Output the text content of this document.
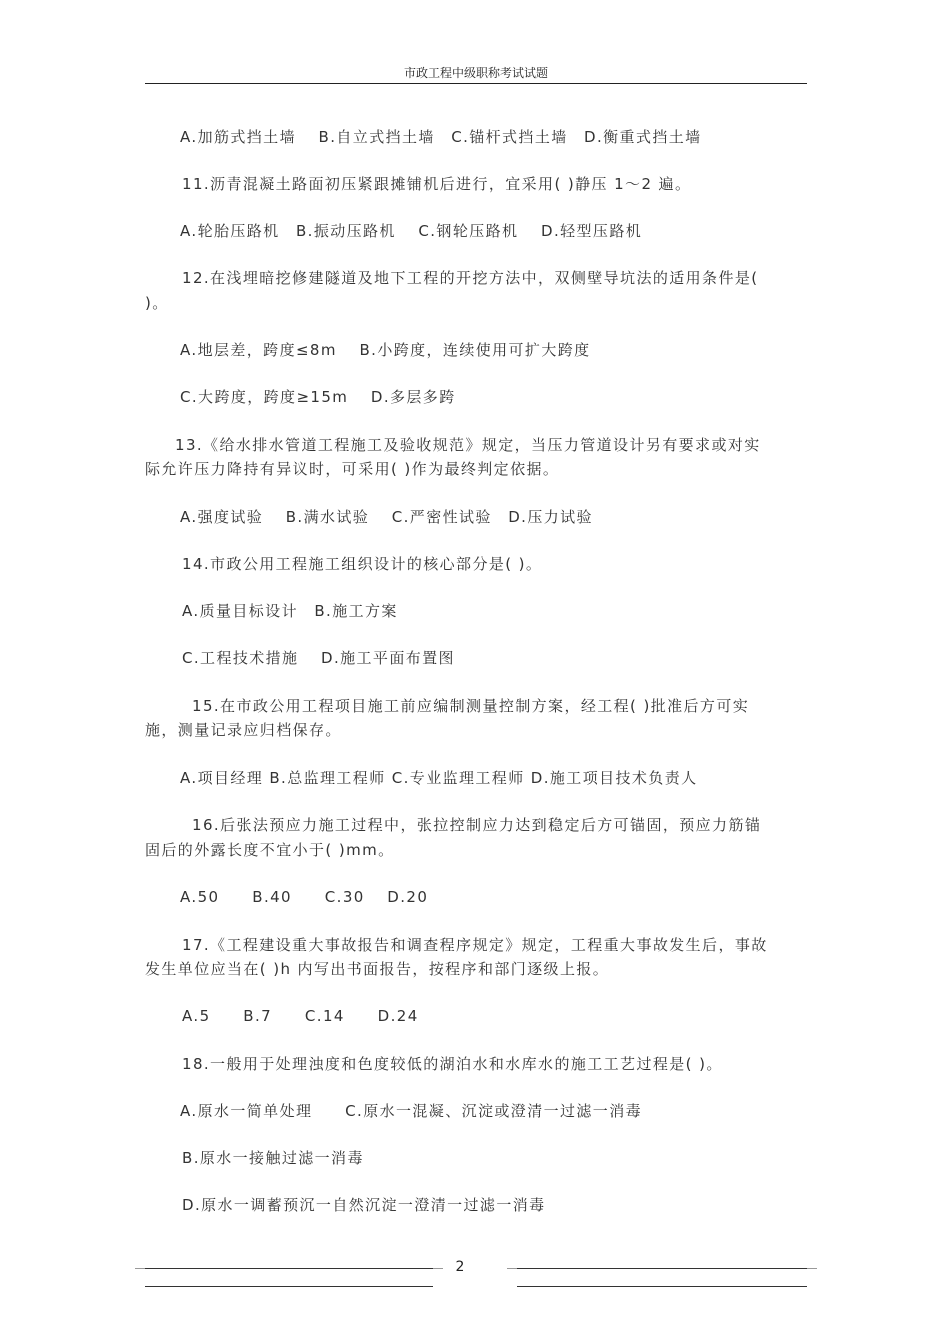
市政工程中级职称考试试题
A.加筋式挡土墙　 B.自立式挡土墙　C.锚杆式挡土墙　D.衡重式挡土墙
11.沥青混凝土路面初压紧跟摊铺机后进行，宜采用( )静压 1～2 遍。
A.轮胎压路机　B.振动压路机　 C.钢轮压路机　 D.轻型压路机
12.在浅埋暗挖修建隧道及地下工程的开挖方法中，双侧壁导坑法的适用条件是(
)。
A.地层差，跨度≤8m　 B.小跨度，连续使用可扩大跨度
C.大跨度，跨度≥15m　 D.多层多跨
13.《给水排水管道工程施工及验收规范》规定，当压力管道设计另有要求或对实
际允许压力降持有异议时，可采用( )作为最终判定依据。
A.强度试验　 B.满水试验　 C.严密性试验　D.压力试验
14.市政公用工程施工组织设计的核心部分是( )。
A.质量目标设计　B.施工方案
C.工程技术措施　 D.施工平面布置图
15.在市政公用工程项目施工前应编制测量控制方案，经工程( )批准后方可实
施，测量记录应归档保存。
A.项目经理 B.总监理工程师 C.专业监理工程师 D.施工项目技术负责人
16.后张法预应力施工过程中，张拉控制应力达到稳定后方可锚固，预应力筋锚
固后的外露长度不宜小于( )mm。
A.50　　B.40　　C.30　 D.20
17.《工程建设重大事故报告和调查程序规定》规定，工程重大事故发生后，事故
发生单位应当在( )h 内写出书面报告，按程序和部门逐级上报。
A.5　　B.7　　C.14　　D.24
18.一般用于处理浊度和色度较低的湖泊水和水库水的施工工艺过程是( )。
A.原水一简单处理　　C.原水一混凝、沉淀或澄清一过滤一消毒
B.原水一接触过滤一消毒
D.原水一调蓄预沉一自然沉淀一澄清一过滤一消毒
2
